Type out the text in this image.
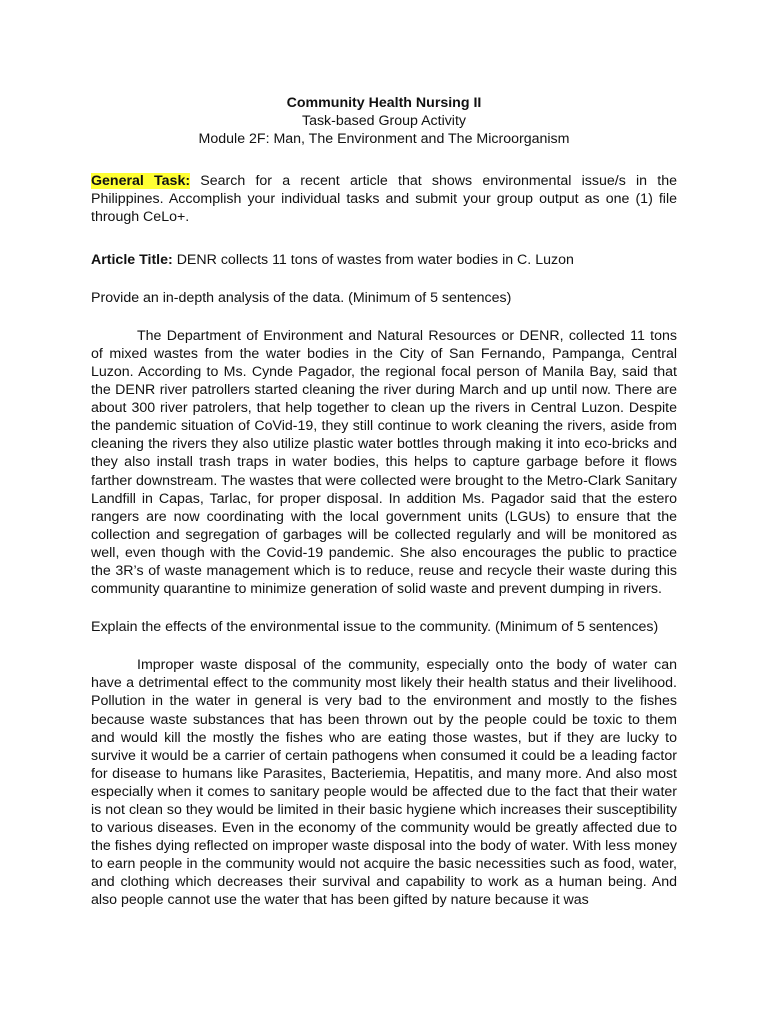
Community Health Nursing II

Task-based Group Activity

Module 2F: Man, The Environment and The Microorganism

General Task: Search for a recent article that shows environmental issue/s in the Philippines. Accomplish your individual tasks and submit your group output as one (1) file through CeLo+.

Article Title: DENR collects 11 tons of wastes from water bodies in C. Luzon

Provide an in-depth analysis of the data. (Minimum of 5 sentences)

The Department of Environment and Natural Resources or DENR, collected 11 tons of mixed wastes from the water bodies in the City of San Fernando, Pampanga, Central Luzon. According to Ms. Cynde Pagador, the regional focal person of Manila Bay, said that the DENR river patrollers started cleaning the river during March and up until now. There are about 300 river patrolers, that help together to clean up the rivers in Central Luzon. Despite the pandemic situation of CoVid-19, they still continue to work cleaning the rivers, aside from cleaning the rivers they also utilize plastic water bottles through making it into eco-bricks and they also install trash traps in water bodies, this helps to capture garbage before it flows farther downstream. The wastes that were collected were brought to the Metro-Clark Sanitary Landfill in Capas, Tarlac, for proper disposal. In addition Ms. Pagador said that the estero rangers are now coordinating with the local government units (LGUs) to ensure that the collection and segregation of garbages will be collected regularly and will be monitored as well, even though with the Covid-19 pandemic. She also encourages the public to practice the 3R’s of waste management which is to reduce, reuse and recycle their waste during this community quarantine to minimize generation of solid waste and prevent dumping in rivers.

Explain the effects of the environmental issue to the community. (Minimum of 5 sentences)

Improper waste disposal of the community, especially onto the body of water can have a detrimental effect to the community most likely their health status and their livelihood. Pollution in the water in general is very bad to the environment and mostly to the fishes because waste substances that has been thrown out by the people could be toxic to them and would kill the mostly the fishes who are eating those wastes, but if they are lucky to survive it would be a carrier of certain pathogens when consumed it could be a leading factor for disease to humans like Parasites, Bacteriemia, Hepatitis, and many more. And also most especially when it comes to sanitary people would be affected due to the fact that their water is not clean so they would be limited in their basic hygiene which increases their susceptibility to various diseases. Even in the economy of the community would be greatly affected due to the fishes dying reflected on improper waste disposal into the body of water. With less money to earn people in the community would not acquire the basic necessities such as food, water, and clothing which decreases their survival and capability to work as a human being. And also people cannot use the water that has been gifted by nature because it was
